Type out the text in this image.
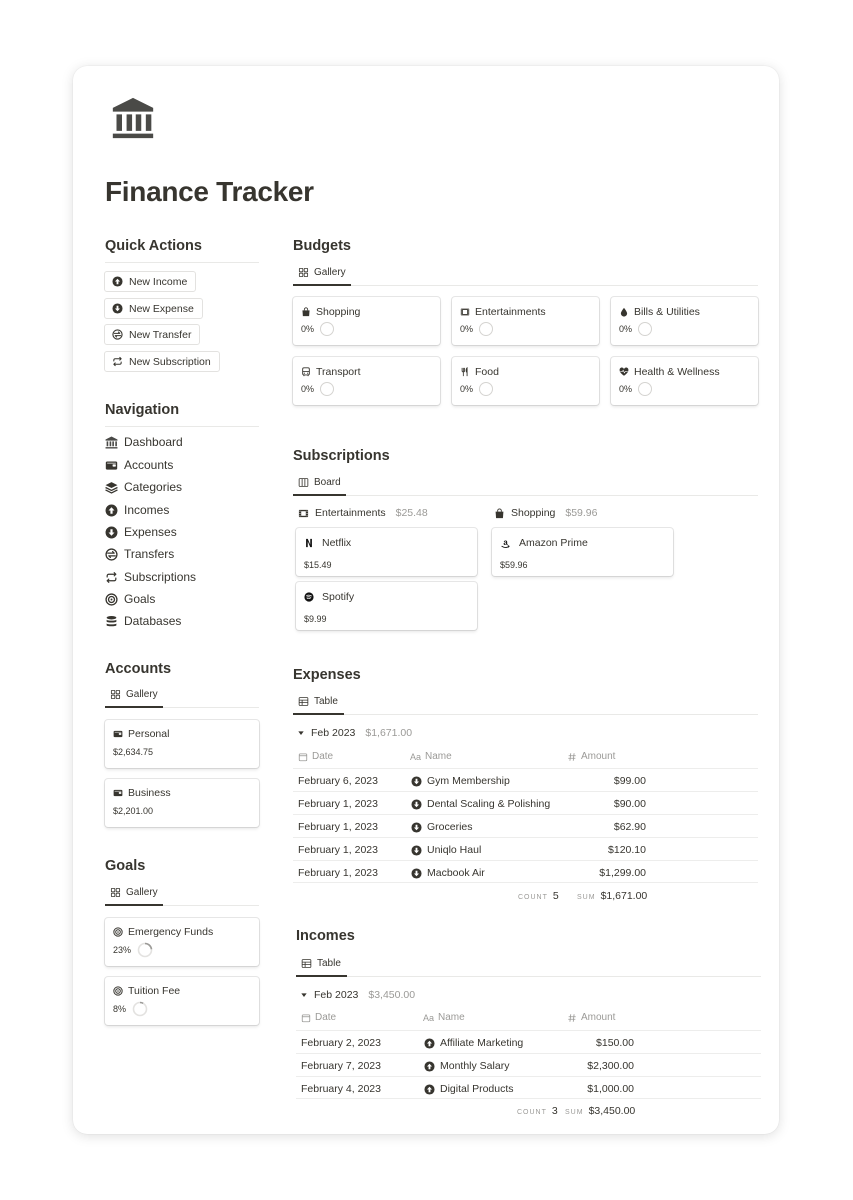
Finance Tracker
Quick Actions
New Income
New Expense
New Transfer
New Subscription
Navigation
Dashboard
Accounts
Categories
Incomes
Expenses
Transfers
Subscriptions
Goals
Databases
Accounts
Gallery
Personal
$2,634.75
Business
$2,201.00
Goals
Gallery
Emergency Funds
23%
Tuition Fee
8%
Budgets
Gallery
Shopping
0%
Entertainments
0%
Bills & Utilities
0%
Transport
0%
Food
0%
Health & Wellness
0%
Subscriptions
Board
Entertainments $25.48	Shopping $59.96
Netflix
$15.49
Spotify
$9.99
Amazon Prime
$59.96
Expenses
Table
Feb 2023 $1,671.00
Date	Aa Name	Amount
February 6, 2023	Gym Membership	$99.00
February 1, 2023	Dental Scaling & Polishing	$90.00
February 1, 2023	Groceries	$62.90
February 1, 2023	Uniqlo Haul	$120.10
February 1, 2023	Macbook Air	$1,299.00
COUNT 5	SUM $1,671.00
Incomes
Table
Feb 2023 $3,450.00
Date	Aa Name	Amount
February 2, 2023	Affiliate Marketing	$150.00
February 7, 2023	Monthly Salary	$2,300.00
February 4, 2023	Digital Products	$1,000.00
COUNT 3 SUM $3,450.00
